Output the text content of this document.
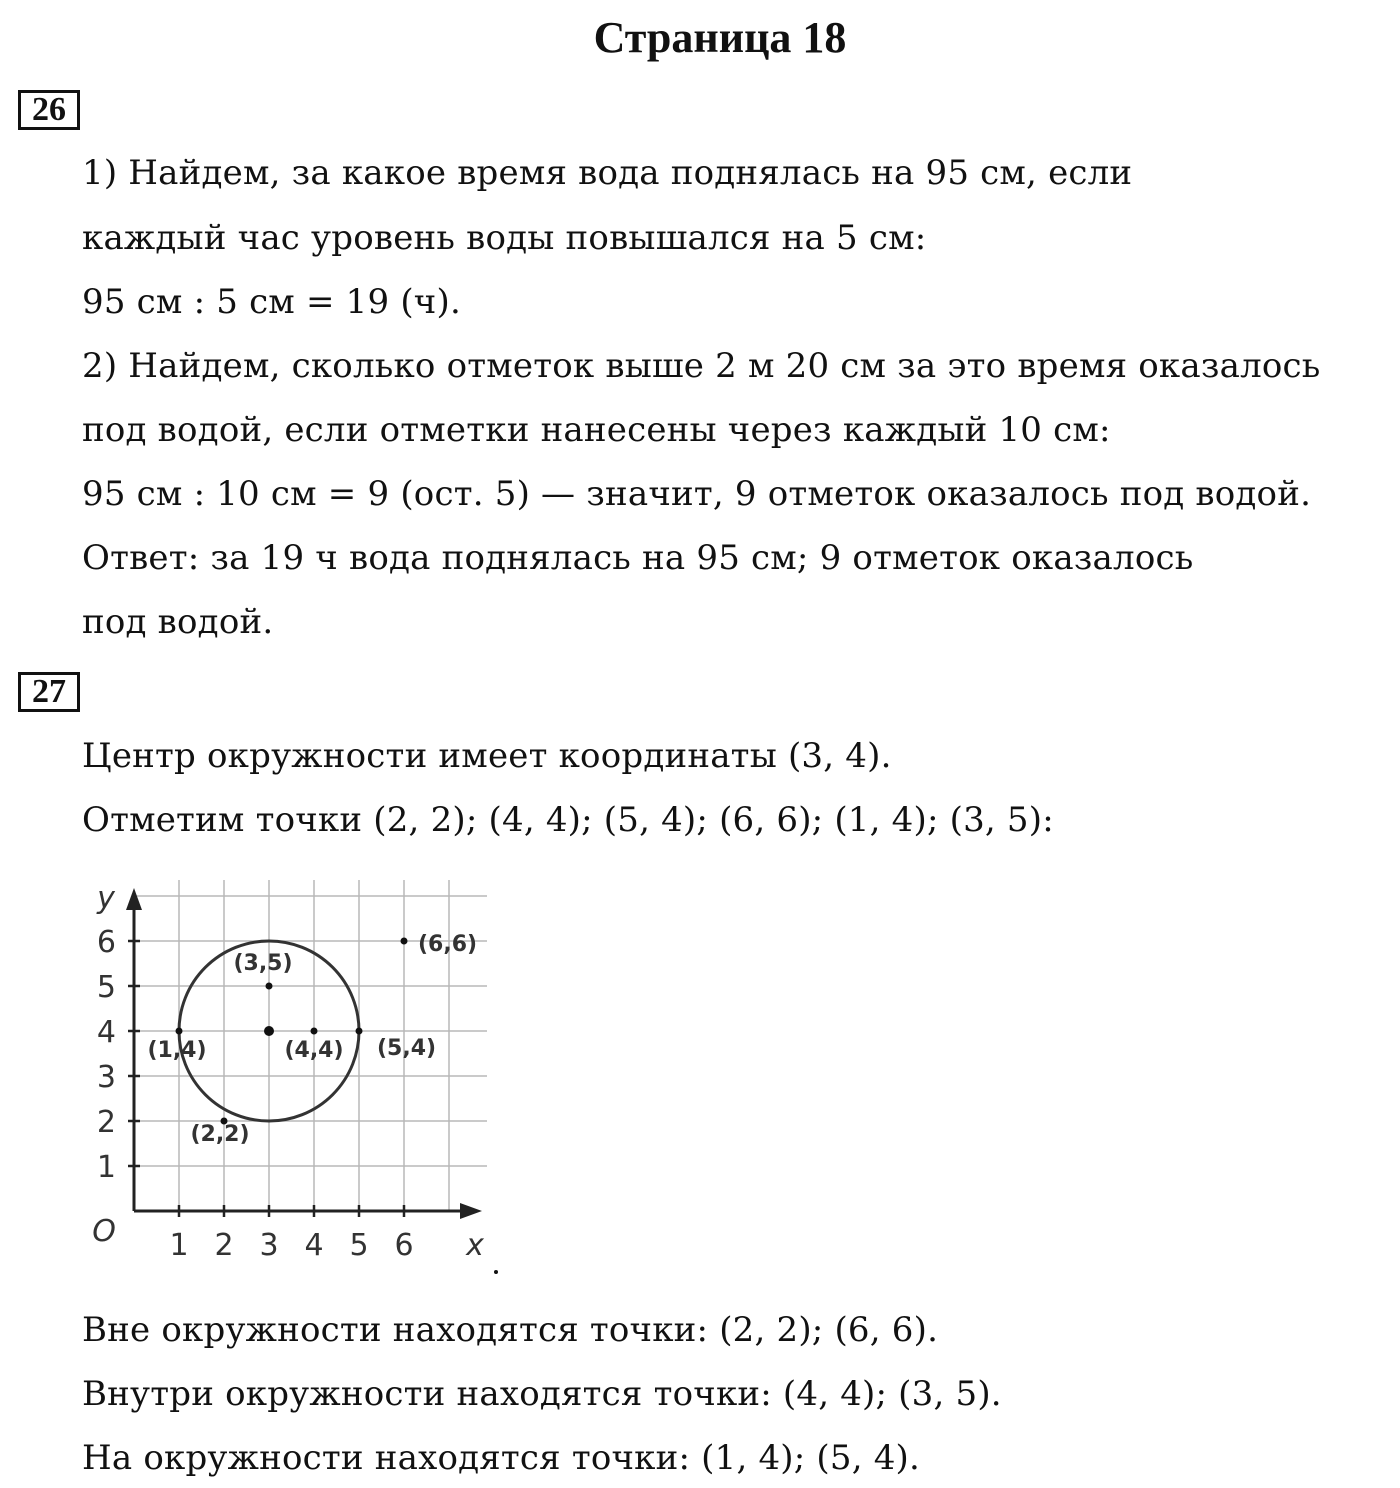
Страница 18
26
1) Найдем, за какое время вода поднялась на 95 см, если
каждый час уровень воды повышался на 5 см:
95 см : 5 см = 19 (ч).
2) Найдем, сколько отметок выше 2 м 20 см за это время оказалось
под водой, если отметки нанесены через каждый 10 см:
95 см : 10 см = 9 (ост. 5) — значит, 9 отметок оказалось под водой.
Ответ: за 19 ч вода поднялась на 95 см; 9 отметок оказалось
под водой.
27
Центр окружности имеет координаты (3, 4).
Отметим точки (2, 2); (4, 4); (5, 4); (6, 6); (1, 4); (3, 5):
1 2 3 4 5 6
1
2
3
4
5
6
x
y
O
(3,5)
(6,6)
(1,4)	(4,4) (5,4)
(2,2)
Вне окружности находятся точки: (2, 2); (6, 6).
Внутри окружности находятся точки: (4, 4); (3, 5).
На окружности находятся точки: (1, 4); (5, 4).
